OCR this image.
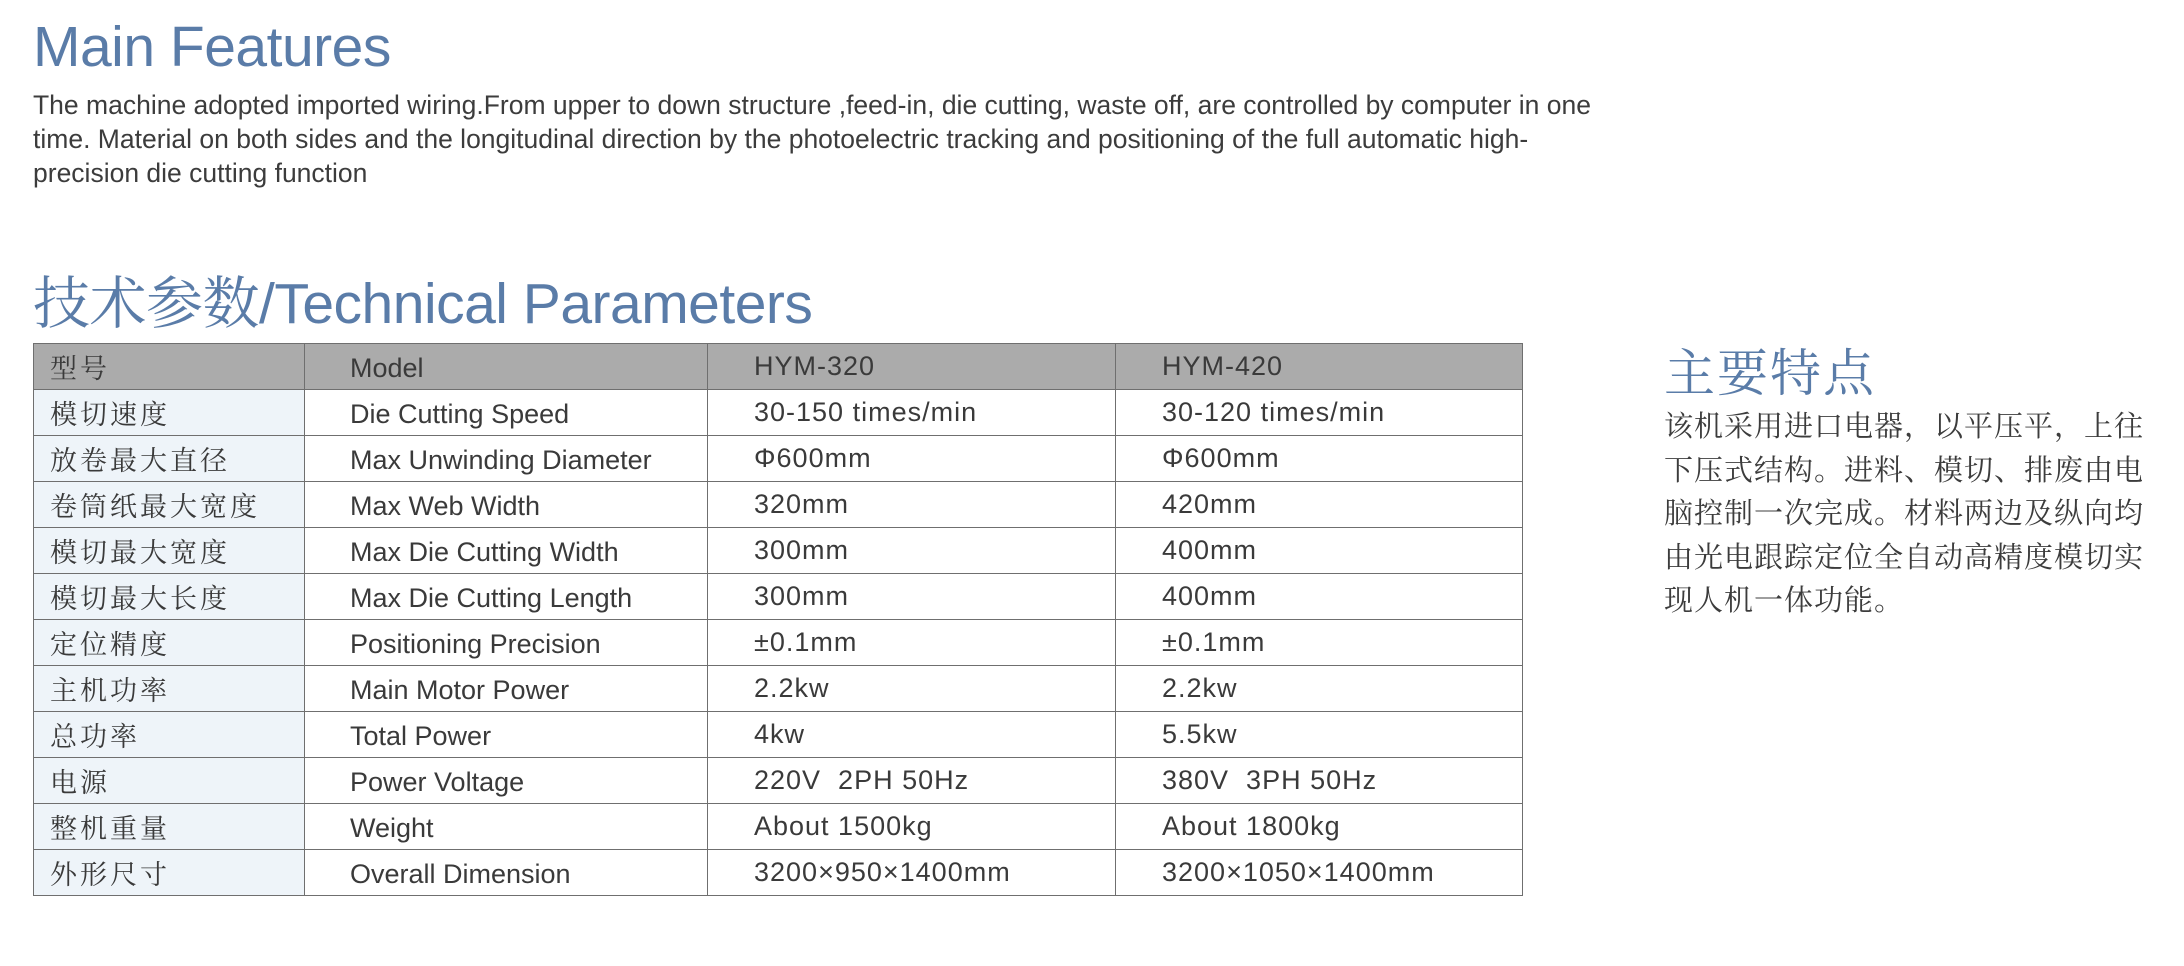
Main Features

The machine adopted imported wiring.From upper to down structure ,feed-in, die cutting, waste off, are controlled by computer in one time. Material on both sides and the longitudinal direction by the photoelectric tracking and positioning of the full automatic high-precision die cutting function

技术参数/Technical Parameters
型号	Model	HYM-320	HYM-420
模切速度	Die Cutting Speed	30-150 times/min	30-120 times/min
放卷最大直径	Max Unwinding Diameter	Φ600mm	Φ600mm
卷筒纸最大宽度	Max Web Width	320mm	420mm
模切最大宽度	Max Die Cutting Width	300mm	400mm
模切最大长度	Max Die Cutting Length	300mm	400mm
定位精度	Positioning Precision	±0.1mm	±0.1mm
主机功率	Main Motor Power	2.2kw	2.2kw
总功率	Total Power	4kw	5.5kw
电源	Power Voltage	220V  2PH 50Hz	380V  3PH 50Hz
整机重量	Weight	About 1500kg	About 1800kg
外形尺寸	Overall Dimension	3200×950×1400mm	3200×1050×1400mm
主要特点

该机采用进口电器，以平压平，上往下压式结构。进料、模切、排废由电脑控制一次完成。材料两边及纵向均由光电跟踪定位全自动高精度模切实现人机一体功能。
